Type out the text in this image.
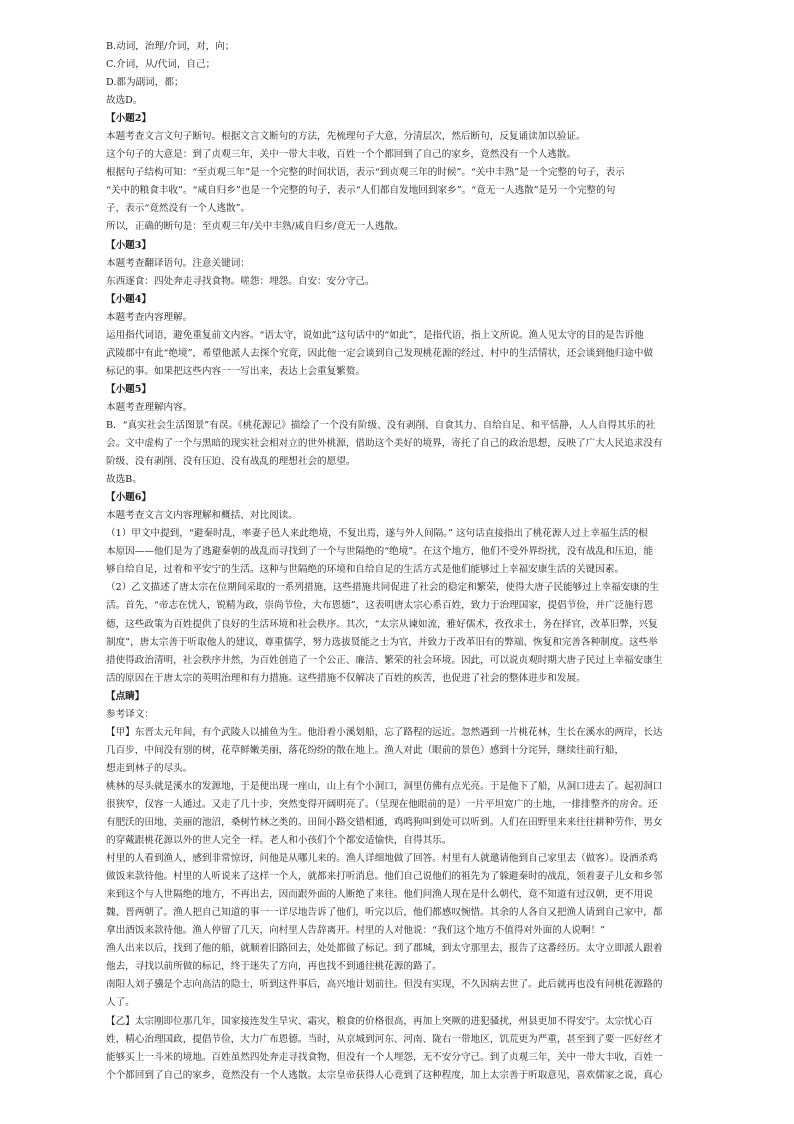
B.动词，治理/介词，对，向；
C.介词，从/代词，自己；
D.都为副词，都；
故选D。
【小题2】
本题考查文言文句子断句。根据文言文断句的方法，先梳理句子大意，分清层次，然后断句，反复诵读加以验证。
这个句子的大意是：到了贞观三年，关中一带大丰收，百姓一个个都回到了自己的家乡，竟然没有一个人逃散。
根据句子结构可知：“至贞观三年”是一个完整的时间状语，表示“到贞观三年的时候”。“关中丰熟”是一个完整的句子，表示
“关中的粮食丰收”。“咸自归乡”也是一个完整的句子，表示“人们都自发地回到家乡”。“竟无一人逃散”是另一个完整的句
子，表示“竟然没有一个人逃散”。
所以，正确的断句是：至贞观三年/关中丰熟/咸自归乡/竟无一人逃散。
【小题3】
本题考查翻译语句。注意关键词：
东西逐食：四处奔走寻找食物。嗟怨：埋怨。自安：安分守己。
【小题4】
本题考查内容理解。
运用指代词语，避免重复前文内容。“语太守，说如此”这句话中的“如此”，是指代语，指上文所说。渔人见太守的目的是告诉他
武陵郡中有此“绝境”，希望他派人去探个究竟，因此他一定会谈到自己发现桃花源的经过、村中的生活情状，还会谈到他归途中做
标记的事。如果把这些内容一一写出来，表达上会重复繁赘。
【小题5】
本题考查理解内容。
B．“真实社会生活图景”有误。《桃花源记》描绘了一个没有阶级、没有剥削、自食其力、自给自足、和平恬静，人人自得其乐的社
会。文中虚构了一个与黑暗的现实社会相对立的世外桃源，借助这个美好的境界，寄托了自己的政治思想，反映了广大人民追求没有
阶级、没有剥削、没有压迫、没有战乱的理想社会的愿望。
故选B。
【小题6】
本题考查文言文内容理解和概括、对比阅读。
（1）甲文中提到，“避秦时乱，率妻子邑人来此绝境，不复出焉，遂与外人间隔。” 这句话直接指出了桃花源人过上幸福生活的根
本原因——他们是为了逃避秦朝的战乱而寻找到了一个与世隔绝的“绝境”。在这个地方，他们不受外界纷扰，没有战乱和压迫，能
够自给自足，过着和平安宁的生活。这种与世隔绝的环境和自给自足的生活方式是他们能够过上幸福安康生活的关键因素。
（2）乙文描述了唐太宗在位期间采取的一系列措施，这些措施共同促进了社会的稳定和繁荣，使得大唐子民能够过上幸福安康的生
活。首先，“帝志在忧人，锐精为政，崇尚节俭，大布恩德”，这表明唐太宗心系百姓，致力于治理国家，提倡节俭，并广泛施行恩
德，这些政策为百姓提供了良好的生活环境和社会秩序。其次，“太宗从谏如流，雅好儒术，孜孜求士，务在择官，改革旧弊，兴复
制度”，唐太宗善于听取他人的建议，尊重儒学，努力选拔贤能之士为官，并致力于改革旧有的弊端、恢复和完善各种制度。这些举
措使得政治清明，社会秩序井然，为百姓创造了一个公正、廉洁、繁荣的社会环境。因此，可以说贞观时期大唐子民过上幸福安康生
活的原因在于唐太宗的英明治理和有力措施。这些措施不仅解决了百姓的疾苦，也促进了社会的整体进步和发展。
【点睛】
参考译文：
【甲】东晋太元年间，有个武陵人以捕鱼为生。他沿着小溪划船，忘了路程的远近。忽然遇到一片桃花林，生长在溪水的两岸，长达
几百步，中间没有别的树，花草鲜嫩美丽，落花纷纷的散在地上。渔人对此（眼前的景色）感到十分诧异，继续往前行船，
想走到林子的尽头。
桃林的尽头就是溪水的发源地，于是便出现一座山，山上有个小洞口，洞里仿佛有点光亮。于是他下了船，从洞口进去了。起初洞口
很狭窄，仅容一人通过。又走了几十步，突然变得开阔明亮了。（呈现在他眼前的是）一片平坦宽广的土地，一排排整齐的房舍。还
有肥沃的田地、美丽的池沼，桑树竹林之类的。田间小路交错相通，鸡鸣狗叫到处可以听到。人们在田野里来来往往耕种劳作，男女
的穿戴跟桃花源以外的世人完全一样。老人和小孩们个个都安适愉快，自得其乐。
村里的人看到渔人，感到非常惊讶，问他是从哪儿来的。渔人详细地做了回答。村里有人就邀请他到自己家里去（做客）。设酒杀鸡
做饭来款待他。村里的人听说来了这样一个人，就都来打听消息。他们自己说他们的祖先为了躲避秦时的战乱，领着妻子儿女和乡邻
来到这个与人世隔绝的地方，不再出去，因而跟外面的人断绝了来往。他们问渔人现在是什么朝代，竟不知道有过汉朝，更不用说
魏、晋两朝了。渔人把自己知道的事一一详尽地告诉了他们，听完以后，他们都感叹惋惜。其余的人各自又把渔人请到自己家中，都
拿出酒饭来款待他。渔人停留了几天，向村里人告辞离开。村里的人对他说：“我们这个地方不值得对外面的人说啊！”
渔人出来以后，找到了他的船，就顺着旧路回去，处处都做了标记。到了郡城，到太守那里去，报告了这番经历。太守立即派人跟着
他去，寻找以前所做的标记，终于迷失了方向，再也找不到通往桃花源的路了。
南阳人刘子骥是个志向高洁的隐士，听到这件事后，高兴地计划前往。但没有实现，不久因病去世了。此后就再也没有问桃花源路的
人了。
【乙】太宗刚即位那几年，国家接连发生旱灾、霜灾，粮食的价格很高，再加上突厥的进犯骚扰，州县更加不得安宁。太宗忧心百
姓，精心治理国政，提倡节俭，大力广布恩德。当时，从京城到河东、河南、陇右一带地区，饥荒更为严重，甚至到了要一匹好丝才
能够买上一斗米的境地。百姓虽然四处奔走寻找食物，但没有一个人埋怨，无不安分守己。到了贞观三年，关中一带大丰收，百姓一
个个都回到了自己的家乡，竟然没有一个人逃散。太宗皇帝获得人心竟到了这种程度，加上太宗善于听取意见，喜欢儒家之说，真心
